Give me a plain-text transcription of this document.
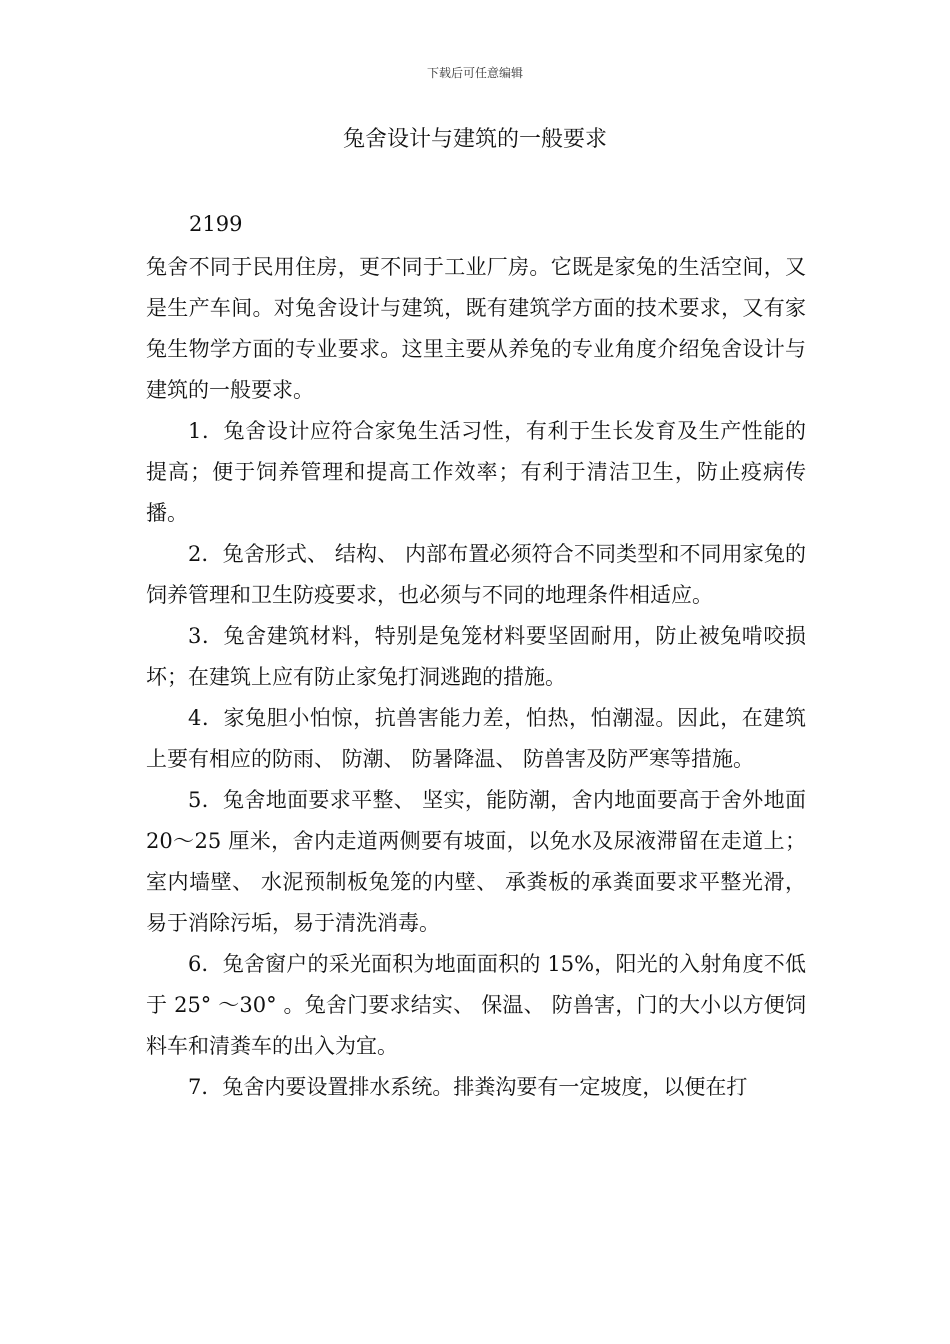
下载后可任意编辑
兔舍设计与建筑的一般要求
2199

兔舍不同于民用住房，更不同于工业厂房。它既是家兔的生活空间，又是生产车间。对兔舍设计与建筑，既有建筑学方面的技术要求，又有家兔生物学方面的专业要求。这里主要从养兔的专业角度介绍兔舍设计与建筑的一般要求。

1．兔舍设计应符合家兔生活习性，有利于生长发育及生产性能的提高；便于饲养管理和提高工作效率；有利于清洁卫生，防止疫病传播。

2．兔舍形式、 结构、 内部布置必须符合不同类型和不同用家兔的饲养管理和卫生防疫要求，也必须与不同的地理条件相适应。

3．兔舍建筑材料，特别是兔笼材料要坚固耐用，防止被兔啃咬损坏；在建筑上应有防止家兔打洞逃跑的措施。

4．家兔胆小怕惊，抗兽害能力差，怕热，怕潮湿。因此，在建筑上要有相应的防雨、 防潮、 防暑降温、 防兽害及防严寒等措施。

5．兔舍地面要求平整、 坚实，能防潮，舍内地面要高于舍外地面 20～25 厘米，舍内走道两侧要有坡面，以免水及尿液滞留在走道上；室内墙壁、 水泥预制板兔笼的内壁、 承粪板的承粪面要求平整光滑，易于消除污垢，易于清洗消毒。

6．兔舍窗户的采光面积为地面面积的 15%，阳光的入射角度不低于 25° ～30° 。兔舍门要求结实、 保温、 防兽害，门的大小以方便饲料车和清粪车的出入为宜。

7．兔舍内要设置排水系统。排粪沟要有一定坡度，以便在打
